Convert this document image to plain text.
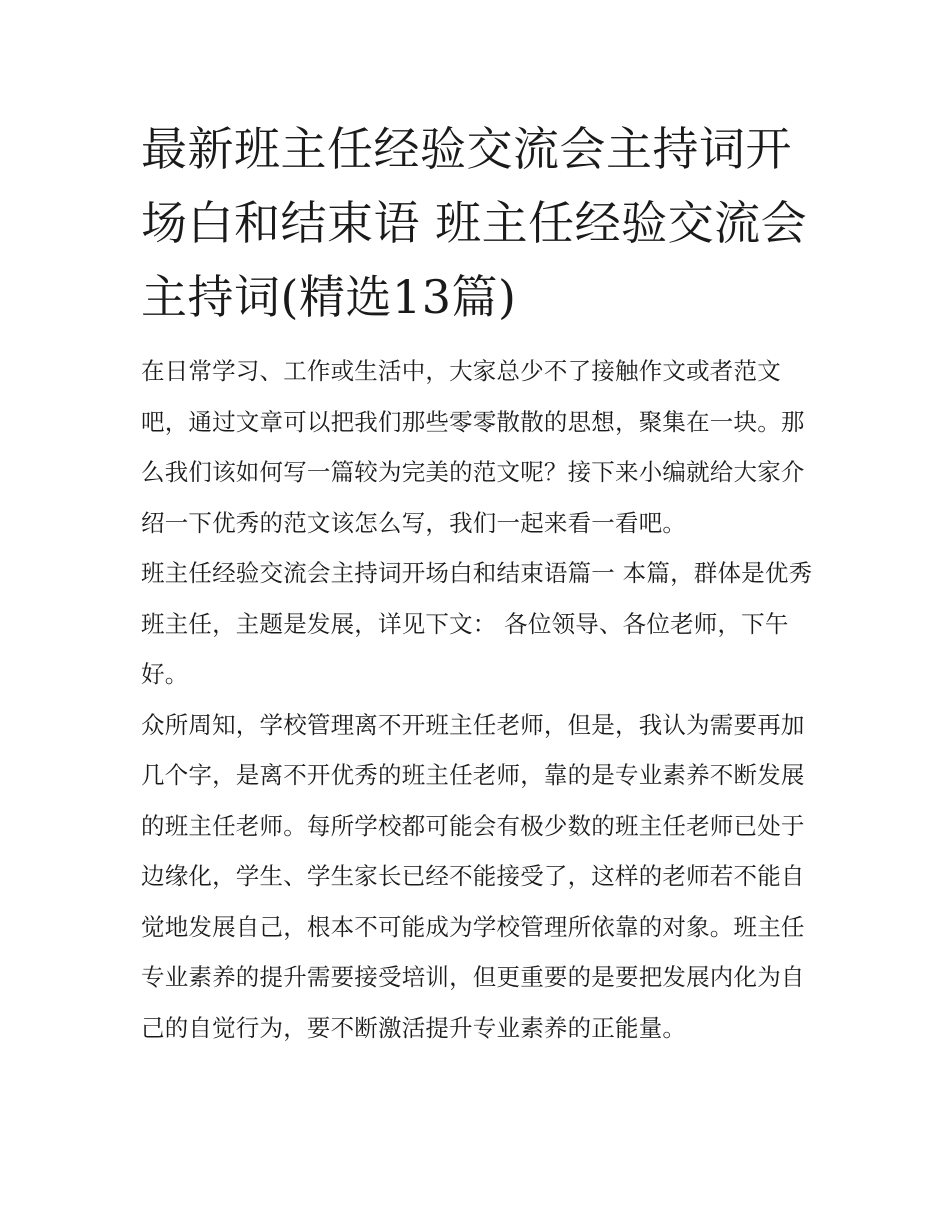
最新班主任经验交流会主持词开场白和结束语 班主任经验交流会主持词(精选13篇)

在日常学习、工作或生活中，大家总少不了接触作文或者范文吧，通过文章可以把我们那些零零散散的思想，聚集在一块。那么我们该如何写一篇较为完美的范文呢？接下来小编就给大家介绍一下优秀的范文该怎么写，我们一起来看一看吧。

班主任经验交流会主持词开场白和结束语篇一 本篇，群体是优秀班主任，主题是发展，详见下文： 各位领导、各位老师，下午好。

众所周知，学校管理离不开班主任老师，但是，我认为需要再加几个字，是离不开优秀的班主任老师，靠的是专业素养不断发展的班主任老师。每所学校都可能会有极少数的班主任老师已处于边缘化，学生、学生家长已经不能接受了，这样的老师若不能自觉地发展自己，根本不可能成为学校管理所依靠的对象。班主任专业素养的提升需要接受培训，但更重要的是要把发展内化为自己的自觉行为，要不断激活提升专业素养的正能量。
